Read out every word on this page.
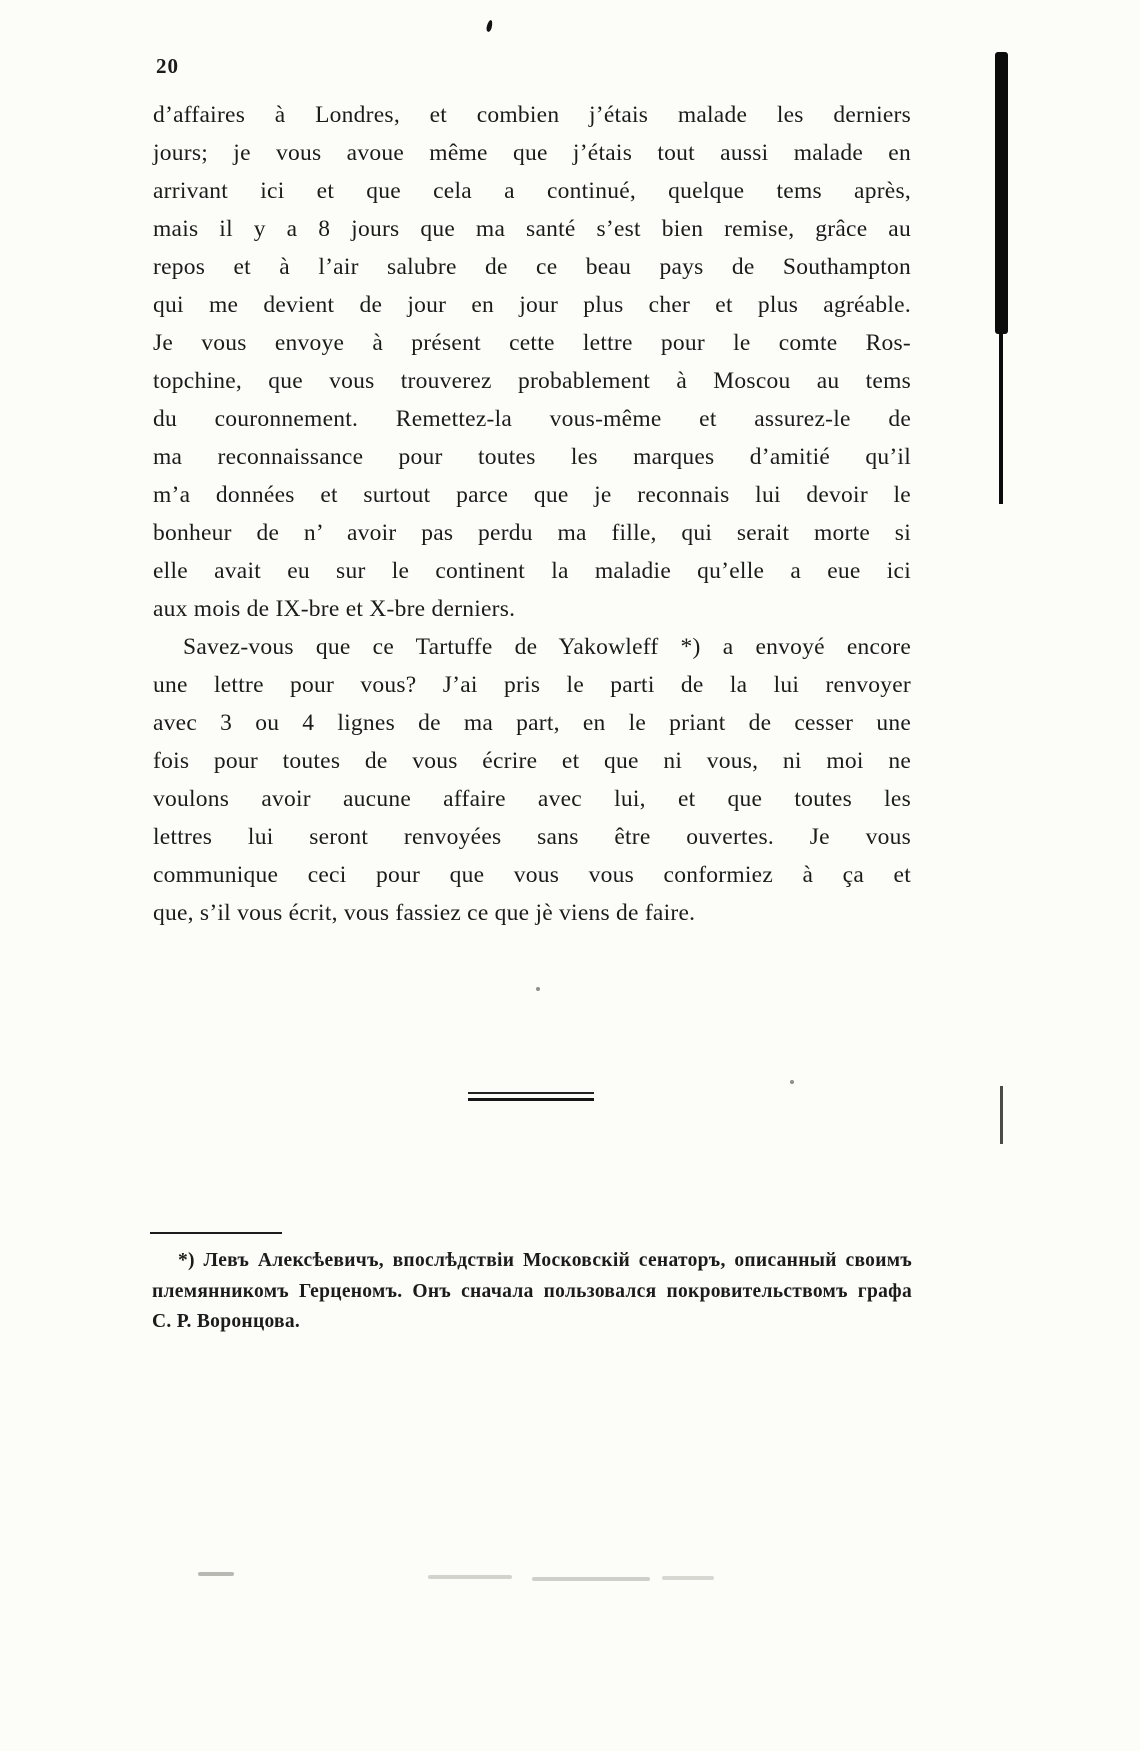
20
d’affaires à Londres, et combien j’étais malade les derniers
jours; je vous avoue même que j’étais tout aussi malade en
arrivant ici et que cela a continué, quelque tems après,
mais il y a 8 jours que ma santé s’est bien remise, grâce au
repos et à l’air salubre de ce beau pays de Southampton
qui me devient de jour en jour plus cher et plus agréable.
Je vous envoye à présent cette lettre pour le comte Ros-
topchine, que vous trouverez probablement à Moscou au tems
du couronnement. Remettez-la vous-même et assurez-le de
ma reconnaissance pour toutes les marques d’amitié qu’il
m’a données et surtout parce que je reconnais lui devoir le
bonheur de n’ avoir pas perdu ma fille, qui serait morte si
elle avait eu sur le continent la maladie qu’elle a eue ici
aux mois de IX-bre et X-bre derniers.
Savez-vous que ce Tartuffe de Yakowleff *) a envoyé encore
une lettre pour vous? J’ai pris le parti de la lui renvoyer
avec 3 ou 4 lignes de ma part, en le priant de cesser une
fois pour toutes de vous écrire et que ni vous, ni moi ne
voulons avoir aucune affaire avec lui, et que toutes les
lettres lui seront renvoyées sans être ouvertes. Je vous
communique ceci pour que vous vous conformiez à ça et
que, s’il vous écrit, vous fassiez ce que jè viens de faire.
*) Левъ Алексѣевичъ, впослѣдствіи Московскій сенаторъ, описанный своимъ
племянникомъ Герценомъ. Онъ сначала пользовался покровительствомъ графа
С. Р. Воронцова.
